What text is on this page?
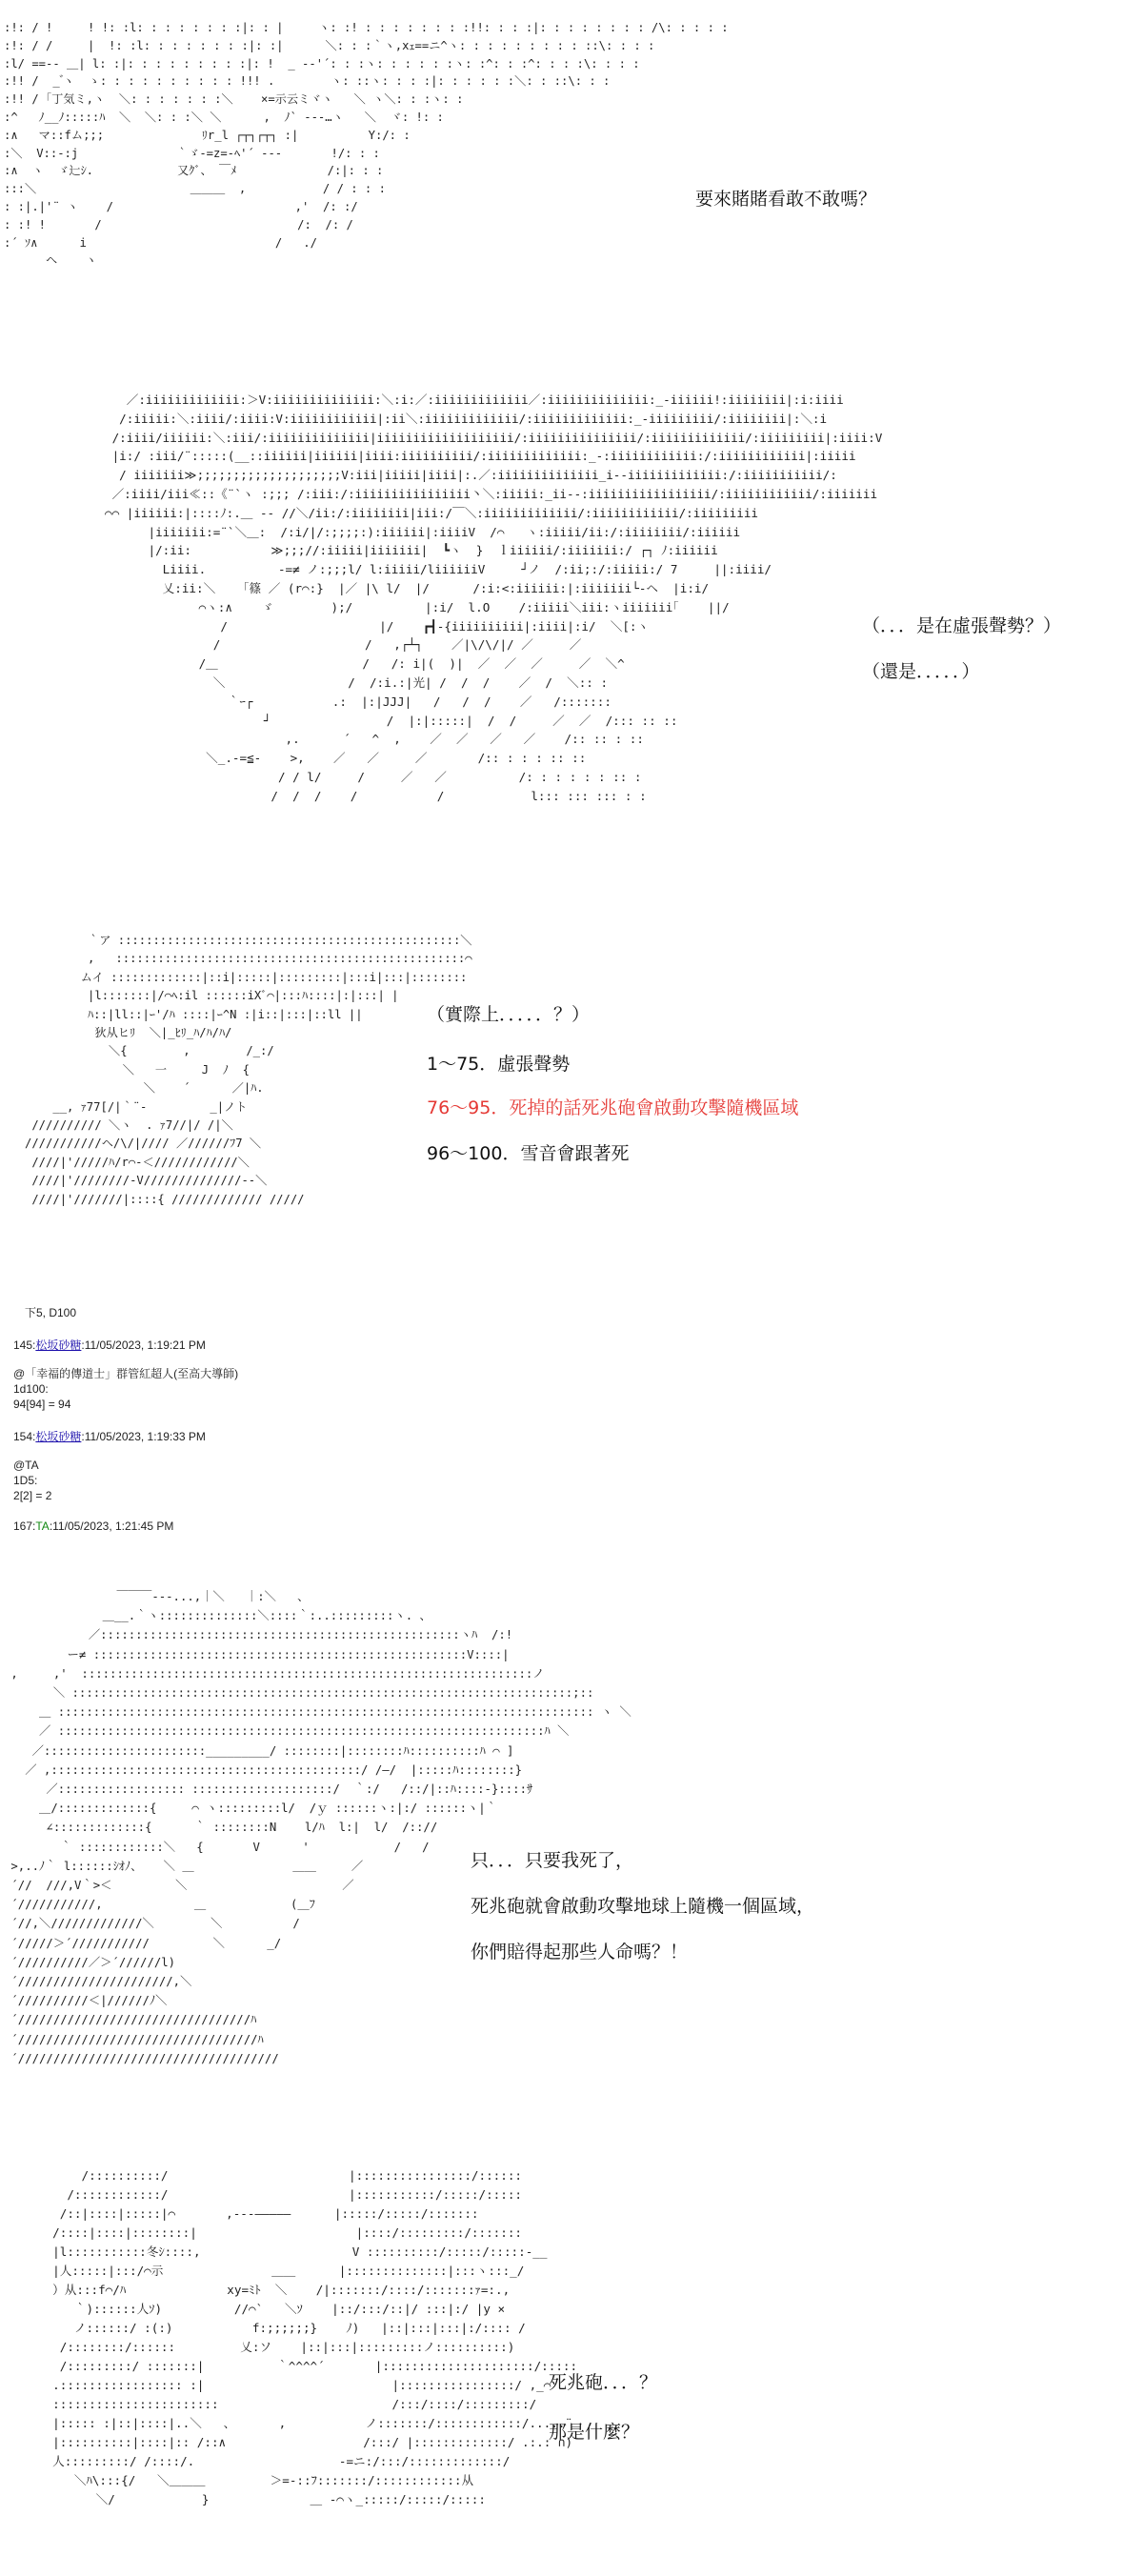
:!: / !     ! !: :l: : : : : : : :|: : |     ヽ: :! : : : : : : : :!!: : : :|: : : : : : : : /\: : : : :
:!: / /     |  !: :l: : : : : : : :|: :|      ＼: : :｀ヽ,xｪ==ニ^ヽ: : : : : : : : : ::\: : : :
:l/ ==-- ＿| l: :|: : : : : : : : :|: !  _ -‐'´: : :ヽ: : : : : :ヽ: :^: : :^: : : :\: : : :
:!! /  _ ゙ヽ  ゝ: : : : : : : : : : !!! .        ヽ: ::ヽ: : : :|: : : : : :＼: : ::\: : :
:!! / ｢丁気ミ,ヽ  ＼: : : : : : :＼    ×=示云ミヾヽ   ＼ ヽ＼: : :ヽ: :
:^   ﾉ__ﾉ:::::ﾊ  ＼  ＼: : :＼ ＼      ,  ﾉ` ‐--…ヽ   ＼  ヾ: !: :
:∧   マ::fム;;;              ﾘr_l ┌┬┐┌┬┐ :|          Y:/: :
:＼  V::-:j              ｀ゞ-=z=-ﾍ'´ ‐‐‐       !/: : :
:∧  ヽ  ゞ辷ｼ.            又ｸﾞ、 ￣ﾒ             /:|: : :
:::＼                      ＿＿＿  ,           / / : : :
: :|.|'¨ ヽ    /                          ,'  /: :/
: :! !       /                            /:  /: /
:´ ｿ∧      i                           /   ./
ヘ    ヽ

要來賭賭看敢不敢嗎？

／:iiiiiiiiiiiii:＞V:iiiiiiiiiiiiii:＼:i:／:iiiiiiiiiiiii／:iiiiiiiiiiiiii:_-iiiiii!:iiiiiiii|:i:iiii
/:iiiii:＼:iiii/:iiii:V:iiiiiiiiiiii|:ii＼:iiiiiiiiiiiii/:iiiiiiiiiiiii:_-iiiiiiiii/:iiiiiiii|:＼:i
/:iiii/iiiiii:＼:iii/:iiiiiiiiiiiiii|iiiiiiiiiiiiiiiiiii/:iiiiiiiiiiiiiii/:iiiiiiiiiiiii/:iiiiiiiii|:iiii:V
|i:/ :iii/¨:::::(__::iiiiii|iiiiii|iiii:iiiiiiiiii/:iiiiiiiiiiiii:_-:iiiiiiiiiiii:/:iiiiiiiiiiii|:iiiii
/ iiiiiii≫;;;;;;;;;;;;;;;;;;;;V:iii|iiiii|iiii|:.／:iiiiiiiiiiiiii_i-‐iiiiiiiiiiiii:/:iiiiiiiiiii/:
／:iiii/iii≪::《¨`ヽ :;;; /:iii:/:iiiiiiiiiiiiiiii丶＼:iiiii:_ii-‐:iiiiiiiiiiiiiiiii/:iiiiiiiiiiii/:iiiiiii
⌒⌒ |iiiiii:|::::ﾉ:.＿ -- //＼/ii:/:iiiiiiii|iii:/￣＼:iiiiiiiiiiiii/:iiiiiiiiiiii/:iiiiiiiii
|iiiiiii:=¨`＼＿:  /:i/|/:;;;;:):iiiiii|:iiiiV  /⌒   ヽ:iiiii/ii:/:iiiiiiii/:iiiiii
|/:ii:           ≫;;;//:iiiii|iiiiiii|  ┗ヽ  }  ｌiiiiii/:iiiiiii:/ ┌┐ ﾉ:iiiiii
Liiii.          -=≠ ノ:;;;l/ l:iiiii/liiiiiiV     ┘ノ  /:ii;:/:iiiii:/ 7     ||:iiii/
乂:ii:＼   「篠 ／ (r⌒:}  |／ |\ l/  |/      /:i:<:iiiiii:|:iiiiiii└‐ヘ  |i:i/
⌒ヽ:∧    ゞ        );/          |:i/  l.O    /:iiiii＼iii:ヽiiiiiii｢    ||/
/                     |/    ┏┫‐{iiiiiiiiii|:iiii|:i/  ＼[:ヽ
/                    /   ,┌┴┐    ／|\/\/|/ ／     ／
/＿                    /   /: i|(  )|  ／  ／  ／     ／  ＼^
＼                 /  /:i.:|光| /  /  /    ／  /  ＼:: :
｀ｰ┌           .:  |:|JJJ|   /   /  /    ／   /:::::::
┘                /  |:|:::::|  /  /     ／  ／  /::: :: ::
,.      ´   ^  ,    ／  ／   ／   ／    /:: :: : ::
＼_.-=≦‐    >,    ／   ／     ／       /:: : : : :: ::
/ / l/     /     ／   ／          /: : : : : : :: :
/  /  /    /           /            l::: ::: ::: : :

（．．．是在虛張聲勢？）

（還是．．．．．）

｀ア :::::::::::::::::::::::::::::::::::::::::::::::::＼
,   ::::::::::::::::::::::::::::::::::::::::::::::::::⌒
ムイ :::::::::::::|::i|:::::|:::::::::|:::i|:::|::::::::
|l:::::::|/⌒ﾍ:il ::::::iXﾞ⌒|:::ﾊ::::|:|:::| |
ﾊ::|ll::|ｰ'/ﾊ ::::|ｰ^N :|i::|:::|::ll ||
狄从ヒﾘ  ＼|_ﾋﾘ_ﾊ/ﾊ/ﾊ/
＼{        ,        /_:/
＼   一     J  ﾉ  {
＼    ´      ／|ﾊ.
__, ｧ77[/|｀¨‐         _|ノト
////////// ＼ヽ  . ｧ7//|/ /|＼
///////////ヘ/\/|//// ／//////ﾌ7 ＼
////|'/////ﾊ/r⌒‐＜////////////＼
////|'////////‐V//////////////--＼
////|'///////|::::{ ///////////// /////

（實際上．．．．．？）

1～75．虛張聲勢

76～95．死掉的話死兆砲會啟動攻擊隨機區域

96～100．雪音會跟著死

下5, D100

145:松坂砂糖:11/05/2023, 1:19:21 PM

@「幸福的傳道士」群管紅超人(至高大導師)

1d100:

94[94] = 94

154:松坂砂糖:11/05/2023, 1:19:33 PM

@TA

1D5:

2[2] = 2

167:TA:11/05/2023, 1:21:45 PM

￣￣￣---...,｜＼   ｜:＼   、
＿__.｀ヽ::::::::::::::＼::::｀:..:::::::::ヽ. 、
／:::::::::::::::::::::::::::::::::::::::::::::::::::ヽﾊ  /:!
ー≠ :::::::::::::::::::::::::::::::::::::::::::::::::::::V::::|
,     ,'  ::::::::::::::::::::::::::::::::::::::::::::::::::::::::::::::::ノ
＼ :::::::::::::::::::::::::::::::::::::::::::::::::::::::::::::::::::::::;::
＿ :::::::::::::::::::::::::::::::::::::::::::::::::::::::::::::::::::::::::::: ヽ ＼
／ :::::::::::::::::::::::::::::::::::::::::::::::::::::::::::::::::::::ﾊ ＼
／:::::::::::::::::::::::_________/ ::::::::|::::::::ﾊ::::::::::ﾊ ⌒ ]
／ ,::::::::::::::::::::::::::::::::::::::::::::/ /―/  |:::::ﾊ::::::::}
／:::::::::::::::::: ::::::::::::::::::::/  ｀:/   /::/|::ﾊ::::-}::::ｻ
＿/:::::::::::::{     ⌒ ヽ:::::::::l/  /ｙ ::::::ヽ:|:/ ::::::ヽ|｀
∠:::::::::::::{      ｀ ::::::::N    l/ﾊ  l:|  l/  /:://
｀ ::::::::::::＼   {       V      '            /   /
>,..ﾉ｀ l::::::ｼｵﾉ、   ＼ ＿              ＿＿     ／
´//  ///,V｀>＜         ＼                      ／
´///////////,             ＿            (＿ﾌ
´//,＼/////////////＼        ＼          /
´/////＞´///////////         ＼      _/
´//////////／＞´//////l)
´//////////////////////,＼
´//////////＜|//////ﾉ＼
´/////////////////////////////////ﾊ
´//////////////////////////////////ﾊ
´/////////////////////////////////////

只．．．只要我死了，

死兆砲就會啟動攻擊地球上隨機一個區域，

你們賠得起那些人命嗎？！

/::::::::::/                         |::::::::::::::::/::::::
/::::::::::::/                         |:::::::::::/:::::/:::::
/::|::::|:::::|⌒       ,---―――――      |:::::/:::::/:::::::
/::::|::::|::::::::|                      |::::/:::::::::/:::::::
|l:::::::::::冬ｼ::::,                     V ::::::::::/:::::/:::::‐__
|人:::::|:::/⌒示               ＿＿      |::::::::::::::|:::ヽ:::_/
）从:::f⌒/ﾊ              xy=ﾐﾄ  ＼    /|:::::::/::::/:::::::ｧ=:.,
｀)::::::人ｿ)          //⌒`   ＼ｿ    |::/:::/::|/ :::|:/ |y ×
ノ::::::/ :(:)           f:;;;;;;}    ﾉ)   |::|:::|:::|:/:::: /
/::::::::/::::::         乂:ソ    |::|:::|:::::::::ノ::::::::::)
/:::::::::/ :::::::|          ｀^^^^´       |:::::::::::::::::::::/:::::
.::::::::::::::::: :|                          |::::::::::::::::/ ,_⌒
:::::::::::::::::::::::                        /:::/::::/:::::::::/
|::::: :|::|::::|..＼   、      ,           ノ:::::::/::::::::::::/.....¨
|::::::::::|::::|:: /::∧                   /:::/ |:::::::::::::/ .:.: ∩)
人:::::::::/ /::::/.                    -=ニ:/:::/:::::::::::::/
＼ﾊ\:::{/   ＼＿＿＿         ＞=‐::ﾌ:::::::/::::::::::::从
＼/            }              ＿ ‐⌒ヽ_:::::/:::::/:::::

死兆砲．．．？

那是什麼？
